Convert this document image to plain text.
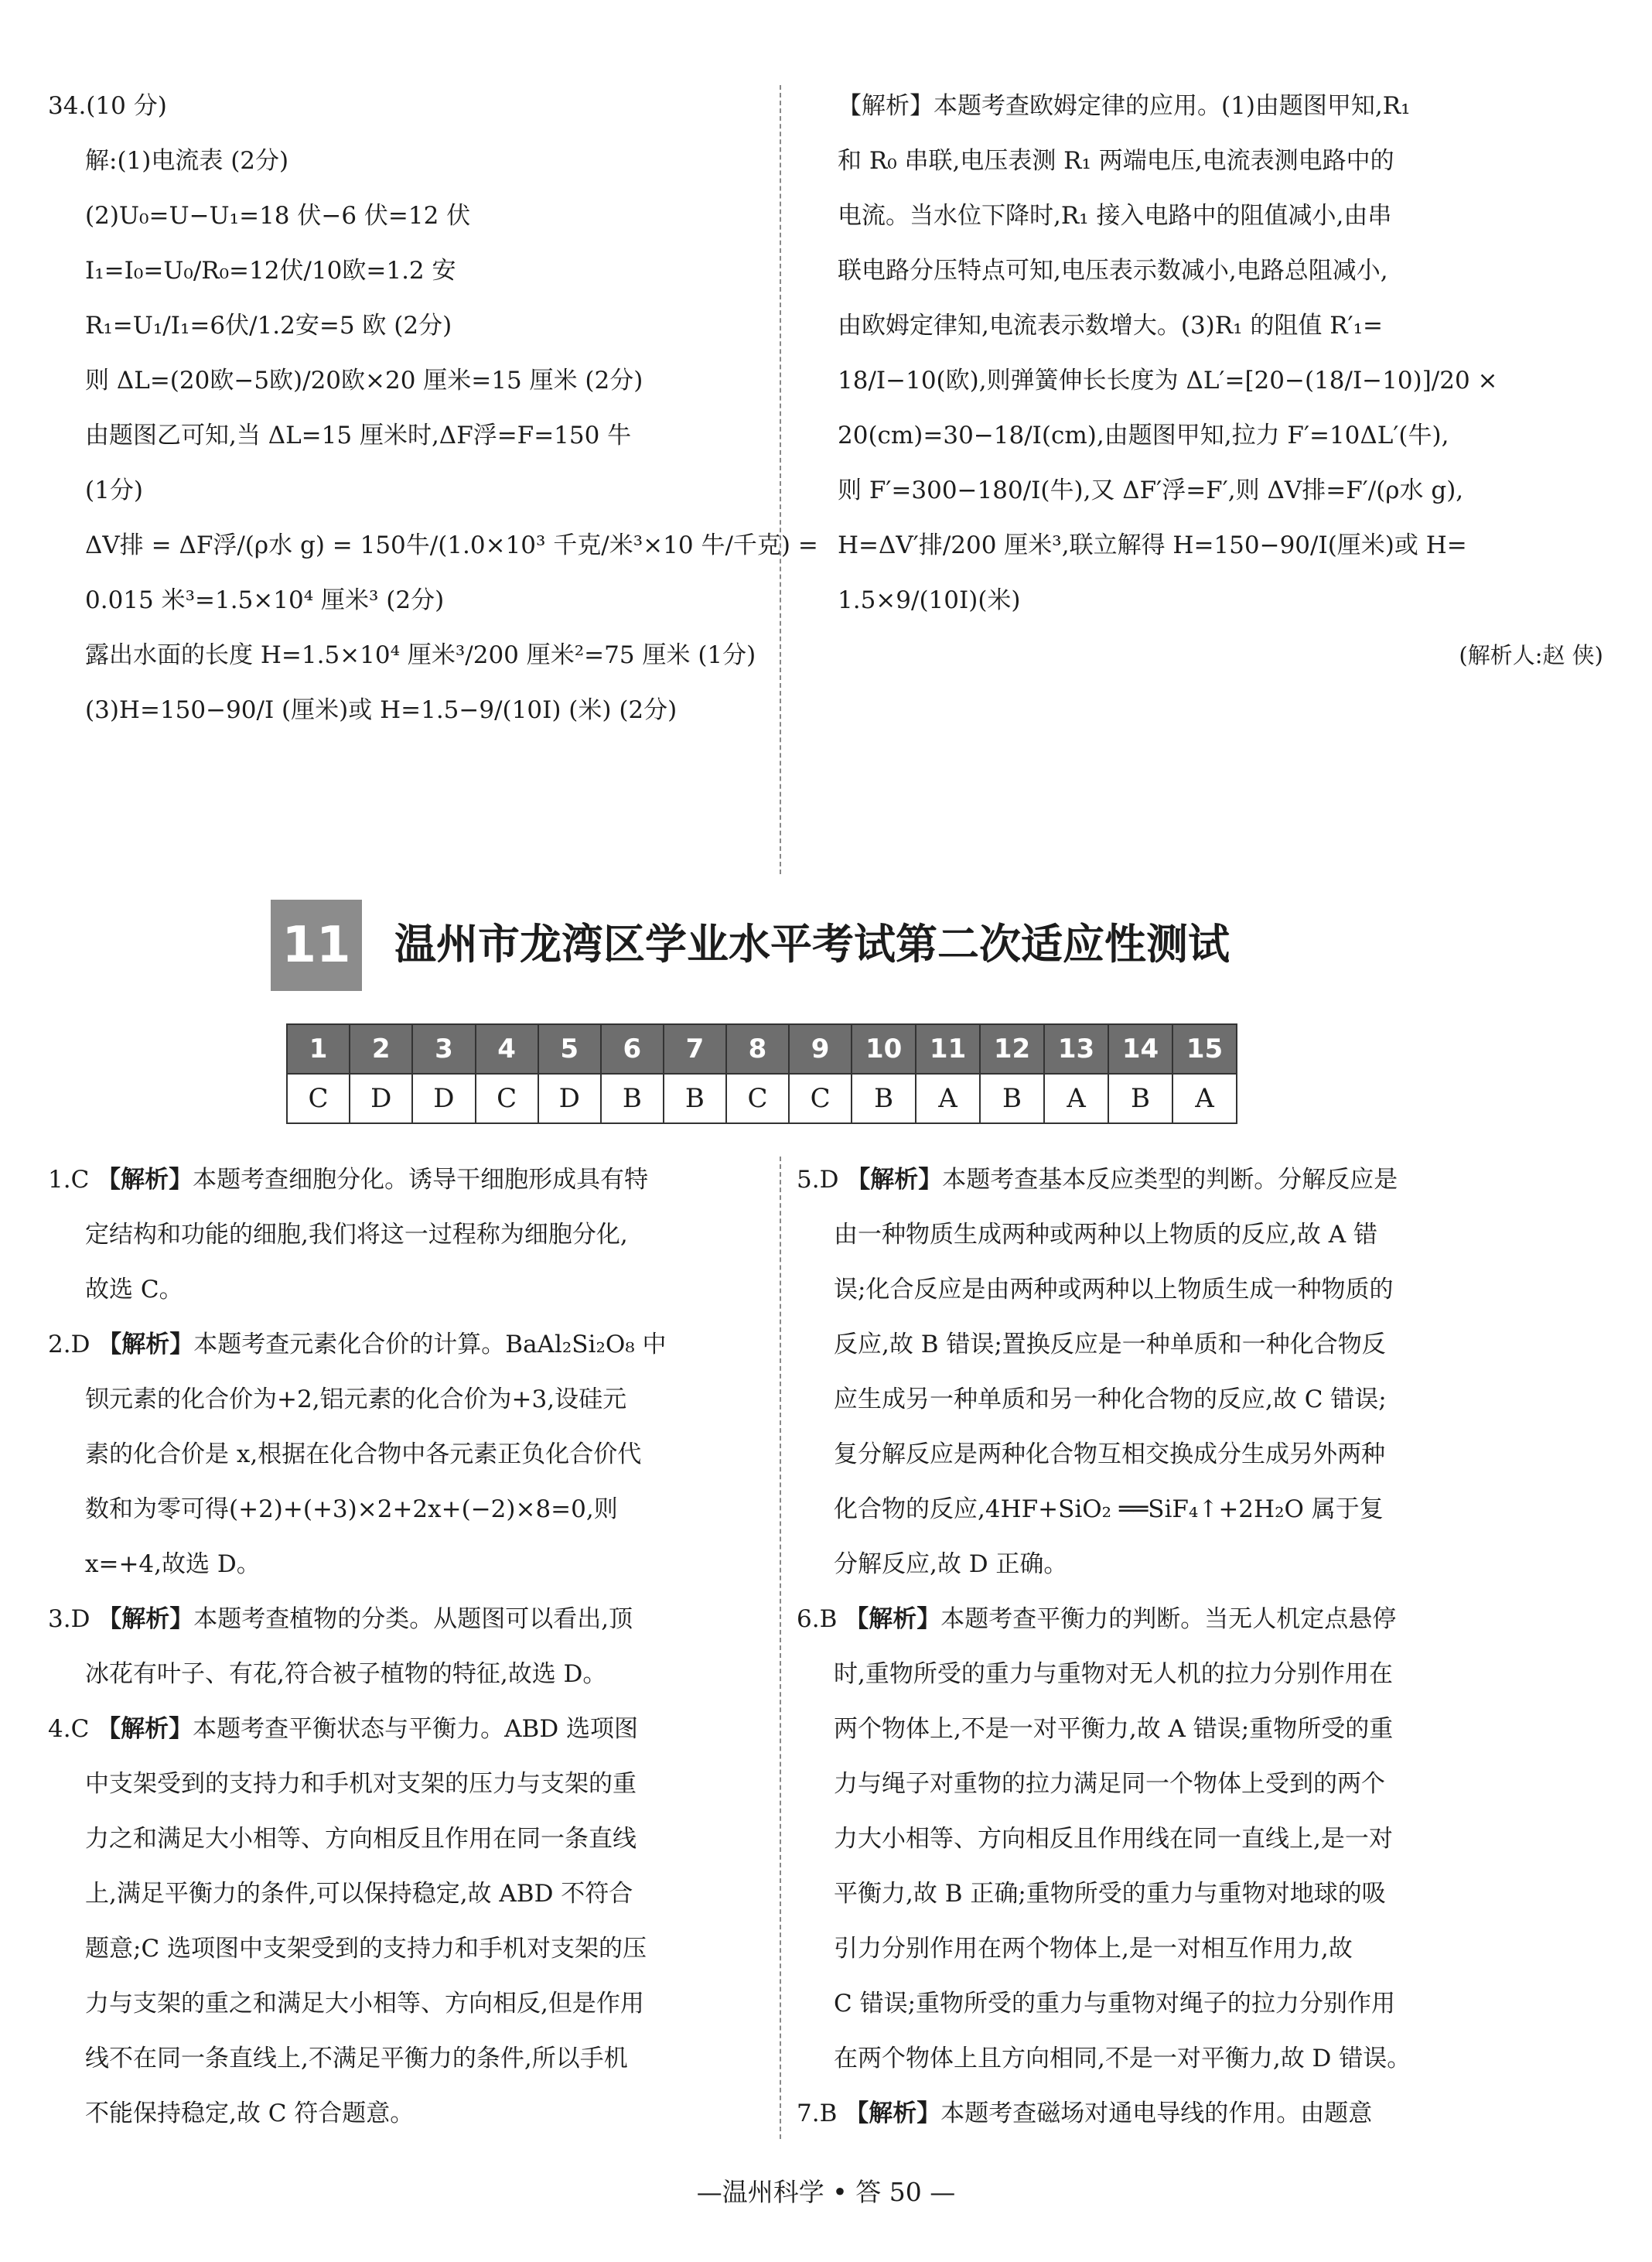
34.(10 分)
解:(1)电流表 (2分)
(2)U₀=U−U₁=18 伏−6 伏=12 伏
I₁=I₀=U₀/R₀=12伏/10欧=1.2 安
R₁=U₁/I₁=6伏/1.2安=5 欧 (2分)
则 ΔL=(20欧−5欧)/20欧×20 厘米=15 厘米 (2分)
由题图乙可知,当 ΔL=15 厘米时,ΔF浮=F=150 牛
(1分)
ΔV排 = ΔF浮/(ρ水 g) = 150牛/(1.0×10³ 千克/米³×10 牛/千克) =
0.015 米³=1.5×10⁴ 厘米³ (2分)
露出水面的长度 H=1.5×10⁴ 厘米³/200 厘米²=75 厘米 (1分)
(3)H=150−90/I (厘米)或 H=1.5−9/(10I) (米) (2分)
【解析】本题考查欧姆定律的应用。(1)由题图甲知,R₁
和 R₀ 串联,电压表测 R₁ 两端电压,电流表测电路中的
电流。当水位下降时,R₁ 接入电路中的阻值减小,由串
联电路分压特点可知,电压表示数减小,电路总阻减小,
由欧姆定律知,电流表示数增大。(3)R₁ 的阻值 R′₁=
18/I−10(欧),则弹簧伸长长度为 ΔL′=[20−(18/I−10)]/20 ×
20(cm)=30−18/I(cm),由题图甲知,拉力 F′=10ΔL′(牛),
则 F′=300−180/I(牛),又 ΔF′浮=F′,则 ΔV排=F′/(ρ水 g),
H=ΔV′排/200 厘米³,联立解得 H=150−90/I(厘米)或 H=
1.5×9/(10I)(米)
(解析人:赵 侠)
11 温州市龙湾区学业水平考试第二次适应性测试
1	2	3	4	5	6	7	8	9	10	11	12	13	14	15
C	D	D	C	D	B	B	C	C	B	A	B	A	B	A
1.C 【解析】本题考查细胞分化。诱导干细胞形成具有特
定结构和功能的细胞,我们将这一过程称为细胞分化,
故选 C。
2.D 【解析】本题考查元素化合价的计算。BaAl₂Si₂O₈ 中
钡元素的化合价为+2,铝元素的化合价为+3,设硅元
素的化合价是 x,根据在化合物中各元素正负化合价代
数和为零可得(+2)+(+3)×2+2x+(−2)×8=0,则
x=+4,故选 D。
3.D 【解析】本题考查植物的分类。从题图可以看出,顶
冰花有叶子、有花,符合被子植物的特征,故选 D。
4.C 【解析】本题考查平衡状态与平衡力。ABD 选项图
中支架受到的支持力和手机对支架的压力与支架的重
力之和满足大小相等、方向相反且作用在同一条直线
上,满足平衡力的条件,可以保持稳定,故 ABD 不符合
题意;C 选项图中支架受到的支持力和手机对支架的压
力与支架的重之和满足大小相等、方向相反,但是作用
线不在同一条直线上,不满足平衡力的条件,所以手机
不能保持稳定,故 C 符合题意。
5.D 【解析】本题考查基本反应类型的判断。分解反应是
由一种物质生成两种或两种以上物质的反应,故 A 错
误;化合反应是由两种或两种以上物质生成一种物质的
反应,故 B 错误;置换反应是一种单质和一种化合物反
应生成另一种单质和另一种化合物的反应,故 C 错误;
复分解反应是两种化合物互相交换成分生成另外两种
化合物的反应,4HF+SiO₂ ══SiF₄↑+2H₂O 属于复
分解反应,故 D 正确。
6.B 【解析】本题考查平衡力的判断。当无人机定点悬停
时,重物所受的重力与重物对无人机的拉力分别作用在
两个物体上,不是一对平衡力,故 A 错误;重物所受的重
力与绳子对重物的拉力满足同一个物体上受到的两个
力大小相等、方向相反且作用线在同一直线上,是一对
平衡力,故 B 正确;重物所受的重力与重物对地球的吸
引力分别作用在两个物体上,是一对相互作用力,故
C 错误;重物所受的重力与重物对绳子的拉力分别作用
在两个物体上且方向相同,不是一对平衡力,故 D 错误。
7.B 【解析】本题考查磁场对通电导线的作用。由题意
—温州科学 • 答 50 —
